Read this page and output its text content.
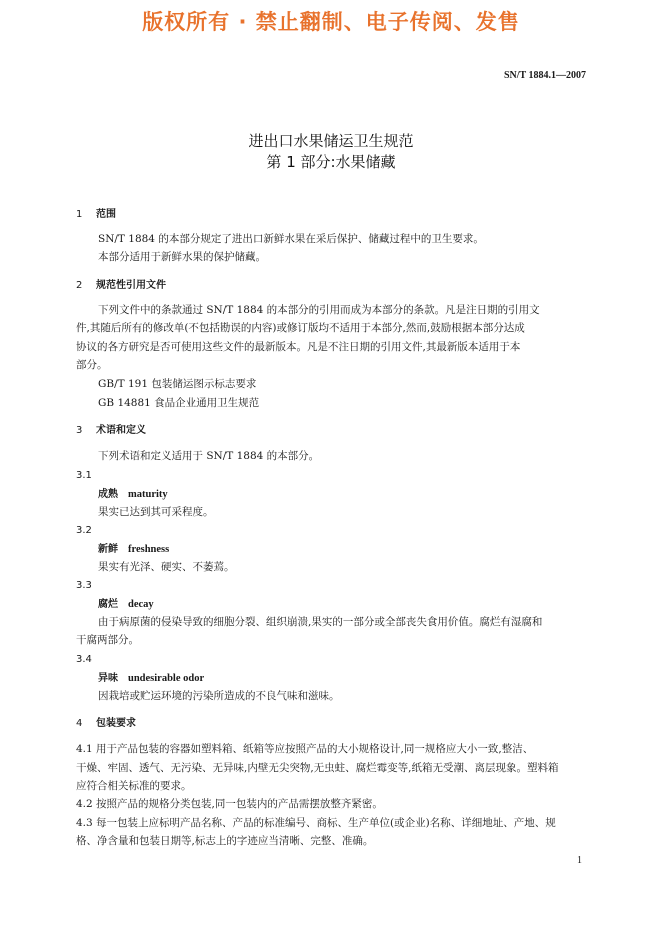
版权所有 · 禁止翻制、电子传阅、发售
SN/T 1884.1—2007
进出口水果储运卫生规范
第 1 部分:水果储藏
1 范围
SN/T 1884 的本部分规定了进出口新鲜水果在采后保护、储藏过程中的卫生要求。
本部分适用于新鲜水果的保护储藏。
2 规范性引用文件
下列文件中的条款通过 SN/T 1884 的本部分的引用而成为本部分的条款。凡是注日期的引用文
件,其随后所有的修改单(不包括勘误的内容)或修订版均不适用于本部分,然而,鼓励根据本部分达成
协议的各方研究是否可使用这些文件的最新版本。凡是不注日期的引用文件,其最新版本适用于本
部分。
GB/T 191 包装储运图示标志要求
GB 14881 食品企业通用卫生规范
3 术语和定义
下列术语和定义适用于 SN/T 1884 的本部分。
3.1
成熟 maturity
果实已达到其可采程度。
3.2
新鲜 freshness
果实有光泽、硬实、不萎蔫。
3.3
腐烂 decay
由于病原菌的侵染导致的细胞分裂、组织崩溃,果实的一部分或全部丧失食用价值。腐烂有湿腐和
干腐两部分。
3.4
异味 undesirable odor
因栽培或贮运环境的污染所造成的不良气味和滋味。
4 包装要求
4.1 用于产品包装的容器如塑料箱、纸箱等应按照产品的大小规格设计,同一规格应大小一致,整洁、
干燥、牢固、透气、无污染、无异味,内壁无尖突物,无虫蛀、腐烂霉变等,纸箱无受潮、离层现象。塑料箱
应符合相关标准的要求。
4.2 按照产品的规格分类包装,同一包装内的产品需摆放整齐紧密。
4.3 每一包装上应标明产品名称、产品的标准编号、商标、生产单位(或企业)名称、详细地址、产地、规
格、净含量和包装日期等,标志上的字迹应当清晰、完整、准确。
1
